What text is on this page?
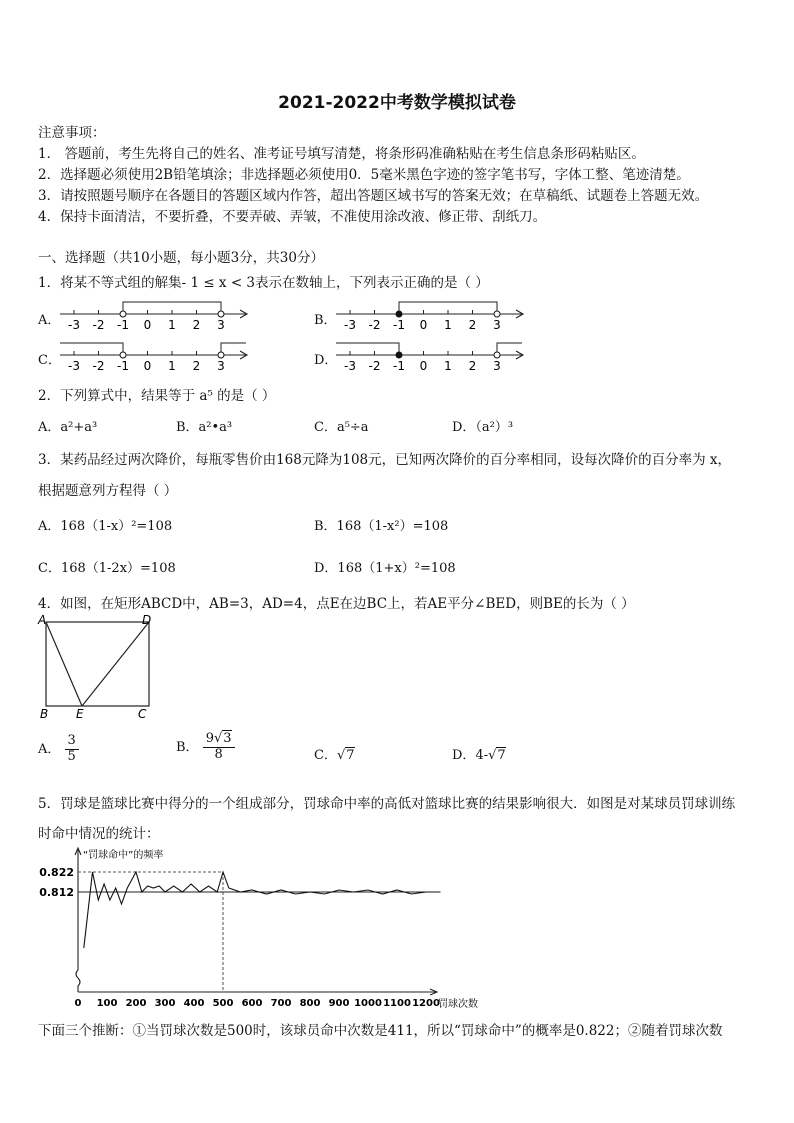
2021-2022中考数学模拟试卷
注意事项：
1． 答题前，考生先将自己的姓名、准考证号填写清楚，将条形码准确粘贴在考生信息条形码粘贴区。
2．选择题必须使用2B铅笔填涂；非选择题必须使用0．5毫米黑色字迹的签字笔书写，字体工整、笔迹清楚。
3．请按照题号顺序在各题目的答题区域内作答，超出答题区域书写的答案无效；在草稿纸、试题卷上答题无效。
4．保持卡面清洁，不要折叠，不要弄破、弄皱，不准使用涂改液、修正带、刮纸刀。
一、选择题（共10小题，每小题3分，共30分）
1．将某不等式组的解集- 1 ≤ x < 3表示在数轴上，下列表示正确的是（ ）
A．	B．
C．	D．
-3 -2 -1 0 1 2 3	-3 -2 -1 0 1 2 3
-3 -2 -1 0 1 2 3	-3 -2 -1 0 1 2 3
2．下列算式中，结果等于 a⁵ 的是（ ）
A．a²+a³	B．a²•a³	C．a⁵÷a	D．（a²）³
3．某药品经过两次降价，每瓶零售价由168元降为108元，已知两次降价的百分率相同，设每次降价的百分率为 x，
根据题意列方程得（ ）
A．168（1-x）²=108	B．168（1-x²）=108
C．168（1-2x）=108	D．168（1+x）²=108
4．如图，在矩形ABCD中，AB=3，AD=4，点E在边BC上，若AE平分∠BED，则BE的长为（ ）
A	D
B E	C
A． $\frac{3}{5}$	B． $\frac{9√3}{8}$	C．√7	D．4-√7
5．罚球是篮球比赛中得分的一个组成部分，罚球命中率的高低对篮球比赛的结果影响很大．如图是对某球员罚球训练
时命中情况的统计：
“罚球命中”的频率
罚球次数
0.822
0.812
0 100 200 300 400 500 600 700 800 900 1000 1100 1200
下面三个推断：①当罚球次数是500时，该球员命中次数是411，所以“罚球命中”的概率是0.822；②随着罚球次数
